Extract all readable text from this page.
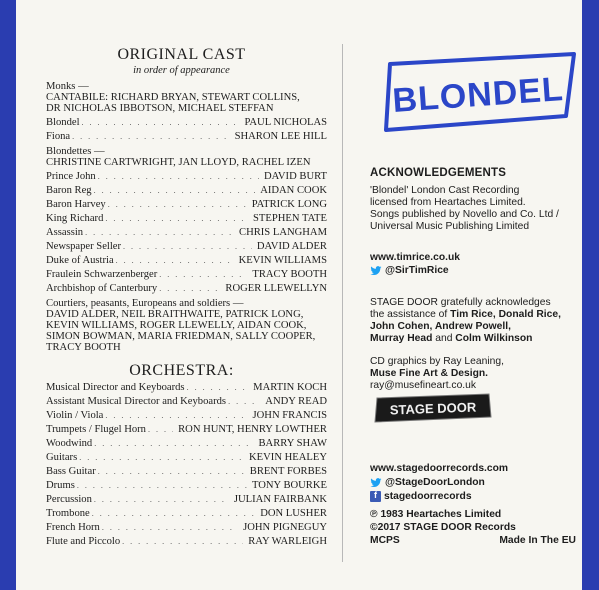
ORIGINAL CAST
in order of appearance
Monks —
CANTABILE: RICHARD BRYAN, STEWART COLLINS,
DR NICHOLAS IBBOTSON, MICHAEL STEFFAN
Blondel . . .	PAUL NICHOLAS
Fiona . . .	SHARON LEE HILL
Blondettes —
CHRISTINE CARTWRIGHT, JAN LLOYD, RACHEL IZEN
Prince John . . .	DAVID BURT
Baron Reg . . .	AIDAN COOK
Baron Harvey . . .	PATRICK LONG
King Richard . . .	STEPHEN TATE
Assassin . . .	CHRIS LANGHAM
Newspaper Seller . . .	DAVID ALDER
Duke of Austria . . .	KEVIN WILLIAMS
Fraulein Schwarzenberger . . .	TRACY BOOTH
Archbishop of Canterbury . . .	ROGER LLEWELLYN
Courtiers, peasants, Europeans and soldiers —
DAVID ALDER, NEIL BRAITHWAITE, PATRICK LONG,
KEVIN WILLIAMS, ROGER LLEWELLY, AIDAN COOK,
SIMON BOWMAN, MARIA FRIEDMAN, SALLY COOPER,
TRACY BOOTH
ORCHESTRA:
Musical Director and Keyboards . . .	MARTIN KOCH
Assistant Musical Director and Keyboards . . .	ANDY READ
Violin / Viola . . .	JOHN FRANCIS
Trumpets / Flugel Horn . . .	RON HUNT, HENRY LOWTHER
Woodwind . . .	BARRY SHAW
Guitars . . .	KEVIN HEALEY
Bass Guitar . . .	BRENT FORBES
Drums . . .	TONY BOURKE
Percussion . . .	JULIAN FAIRBANK
Trombone . . .	DON LUSHER
French Horn . . .	JOHN PIGNEGUY
Flute and Piccolo . . .	RAY WARLEIGH
BLONDEL
ACKNOWLEDGEMENTS
'Blondel' London Cast Recording
licensed from Heartaches Limited.
Songs published by Novello and Co. Ltd /
Universal Music Publishing Limited
www.timrice.co.uk
@SirTimRice
STAGE DOOR gratefully acknowledges
the assistance of Tim Rice, Donald Rice,
John Cohen, Andrew Powell,
Murray Head and Colm Wilkinson
CD graphics by Ray Leaning,
Muse Fine Art & Design.
ray@musefineart.co.uk
STAGE DOOR
www.stagedoorrecords.com
@StageDoorLondon
f stagedoorrecords
℗ 1983 Heartaches Limited
©2017 STAGE DOOR Records
MCPS	Made In The EU
